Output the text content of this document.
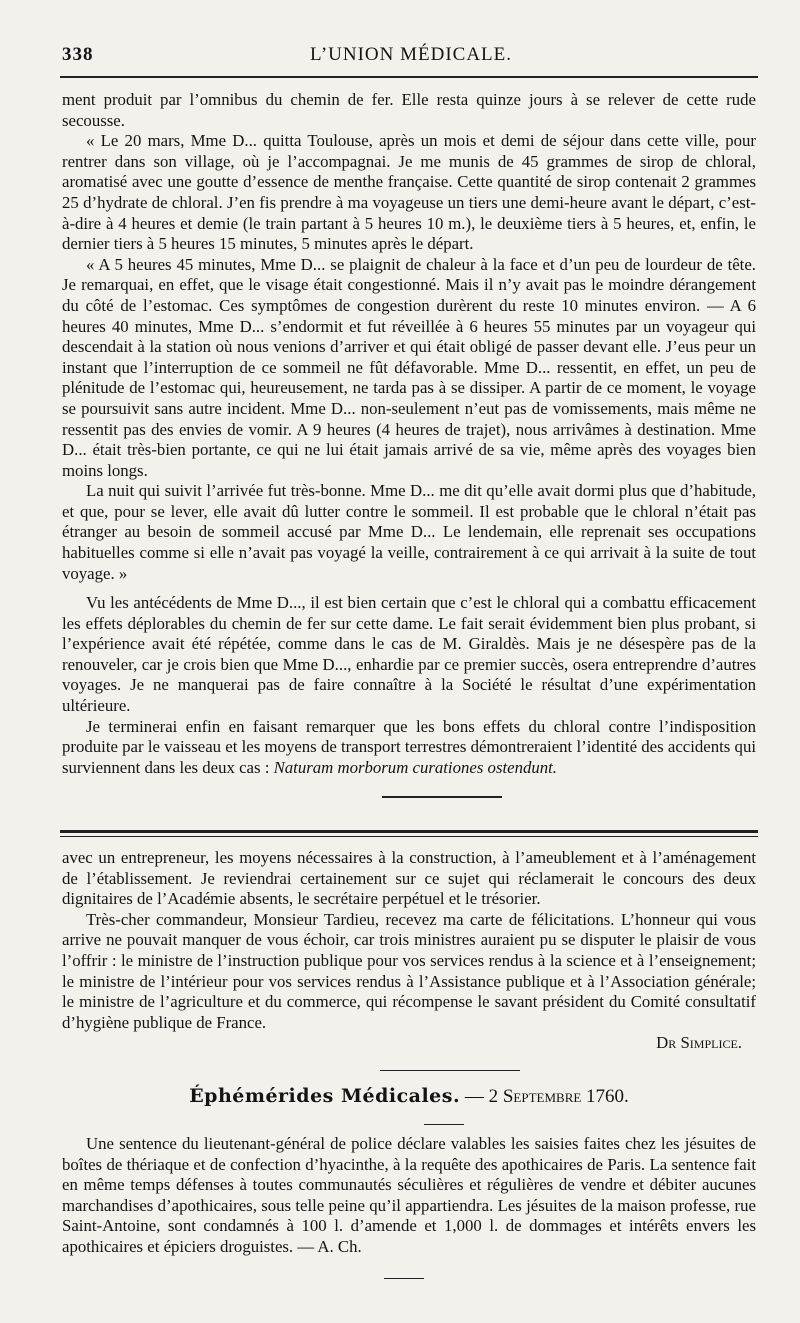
338	L’UNION MÉDICALE.

ment produit par l’omnibus du chemin de fer. Elle resta quinze jours à se relever de cette rude secousse.

« Le 20 mars, Mme D... quitta Toulouse, après un mois et demi de séjour dans cette ville, pour rentrer dans son village, où je l’accompagnai. Je me munis de 45 grammes de sirop de chloral, aromatisé avec une goutte d’essence de menthe française. Cette quantité de sirop contenait 2 grammes 25 d’hydrate de chloral. J’en fis prendre à ma voyageuse un tiers une demi-heure avant le départ, c’est-à-dire à 4 heures et demie (le train partant à 5 heures 10 m.), le deuxième tiers à 5 heures, et, enfin, le dernier tiers à 5 heures 15 minutes, 5 minutes après le départ.

« A 5 heures 45 minutes, Mme D... se plaignit de chaleur à la face et d’un peu de lourdeur de tête. Je remarquai, en effet, que le visage était congestionné. Mais il n’y avait pas le moindre dérangement du côté de l’estomac. Ces symptômes de congestion durèrent du reste 10 minutes environ. — A 6 heures 40 minutes, Mme D... s’endormit et fut réveillée à 6 heures 55 minutes par un voyageur qui descendait à la station où nous venions d’arriver et qui était obligé de passer devant elle. J’eus peur un instant que l’interruption de ce sommeil ne fût défavorable. Mme D... ressentit, en effet, un peu de plénitude de l’estomac qui, heureusement, ne tarda pas à se dissiper. A partir de ce moment, le voyage se poursuivit sans autre incident. Mme D... non-seulement n’eut pas de vomissements, mais même ne ressentit pas des envies de vomir. A 9 heures (4 heures de trajet), nous arrivâmes à destination. Mme D... était très-bien portante, ce qui ne lui était jamais arrivé de sa vie, même après des voyages bien moins longs.

La nuit qui suivit l’arrivée fut très-bonne. Mme D... me dit qu’elle avait dormi plus que d’habitude, et que, pour se lever, elle avait dû lutter contre le sommeil. Il est probable que le chloral n’était pas étranger au besoin de sommeil accusé par Mme D... Le lendemain, elle reprenait ses occupations habituelles comme si elle n’avait pas voyagé la veille, contrairement à ce qui arrivait à la suite de tout voyage. »

Vu les antécédents de Mme D..., il est bien certain que c’est le chloral qui a combattu efficacement les effets déplorables du chemin de fer sur cette dame. Le fait serait évidemment bien plus probant, si l’expérience avait été répétée, comme dans le cas de M. Giraldès. Mais je ne désespère pas de la renouveler, car je crois bien que Mme D..., enhardie par ce premier succès, osera entreprendre d’autres voyages. Je ne manquerai pas de faire connaître à la Société le résultat d’une expérimentation ultérieure.

Je terminerai enfin en faisant remarquer que les bons effets du chloral contre l’indisposition produite par le vaisseau et les moyens de transport terrestres démontreraient l’identité des accidents qui surviennent dans les deux cas : Naturam morborum curationes ostendunt.

avec un entrepreneur, les moyens nécessaires à la construction, à l’ameublement et à l’aménagement de l’établissement. Je reviendrai certainement sur ce sujet qui réclamerait le concours des deux dignitaires de l’Académie absents, le secrétaire perpétuel et le trésorier.

Très-cher commandeur, Monsieur Tardieu, recevez ma carte de félicitations. L’honneur qui vous arrive ne pouvait manquer de vous échoir, car trois ministres auraient pu se disputer le plaisir de vous l’offrir : le ministre de l’instruction publique pour vos services rendus à la science et à l’enseignement; le ministre de l’intérieur pour vos services rendus à l’Assistance publique et à l’Association générale; le ministre de l’agriculture et du commerce, qui récompense le savant président du Comité consultatif d’hygiène publique de France.

Dr Simplice.

Éphémérides Médicales. — 2 Septembre 1760.

Une sentence du lieutenant-général de police déclare valables les saisies faites chez les jésuites de boîtes de thériaque et de confection d’hyacinthe, à la requête des apothicaires de Paris. La sentence fait en même temps défenses à toutes communautés séculières et régulières de vendre et débiter aucunes marchandises d’apothicaires, sous telle peine qu’il appartiendra. Les jésuites de la maison professe, rue Saint-Antoine, sont condamnés à 100 l. d’amende et 1,000 l. de dommages et intérêts envers les apothicaires et épiciers droguistes. — A. Ch.
